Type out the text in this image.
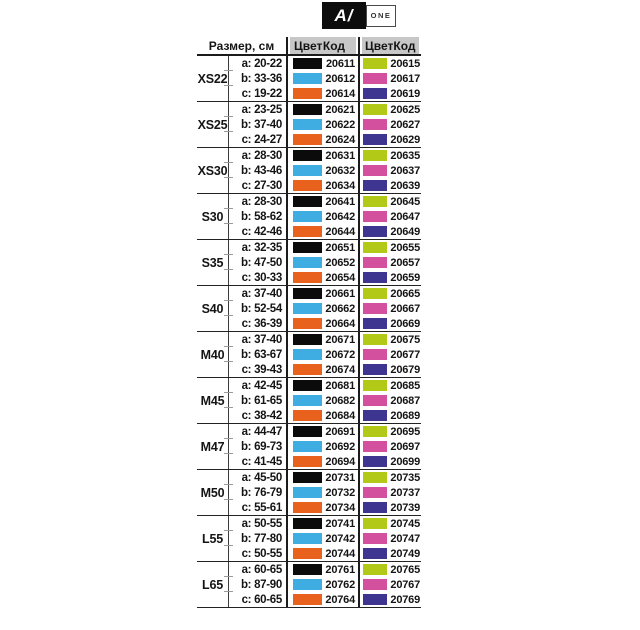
A/	ONE
Размер, см	Цвет Код Цвет Код
XS22
a: 20-22	20611	20615
b: 33-36	20612	20617
c: 19-22	20614	20619
XS25
a: 23-25	20621	20625
b: 37-40	20622	20627
c: 24-27	20624	20629
XS30
a: 28-30	20631	20635
b: 43-46	20632	20637
c: 27-30	20634	20639
S30
a: 28-30	20641	20645
b: 58-62	20642	20647
c: 42-46	20644	20649
S35
a: 32-35	20651	20655
b: 47-50	20652	20657
c: 30-33	20654	20659
S40
a: 37-40	20661	20665
b: 52-54	20662	20667
c: 36-39	20664	20669
M40
a: 37-40	20671	20675
b: 63-67	20672	20677
c: 39-43	20674	20679
M45
a: 42-45	20681	20685
b: 61-65	20682	20687
c: 38-42	20684	20689
M47
a: 44-47	20691	20695
b: 69-73	20692	20697
c: 41-45	20694	20699
M50
a: 45-50	20731	20735
b: 76-79	20732	20737
c: 55-61	20734	20739
L55
a: 50-55	20741	20745
b: 77-80	20742	20747
c: 50-55	20744	20749
L65
a: 60-65	20761	20765
b: 87-90	20762	20767
c: 60-65	20764	20769
